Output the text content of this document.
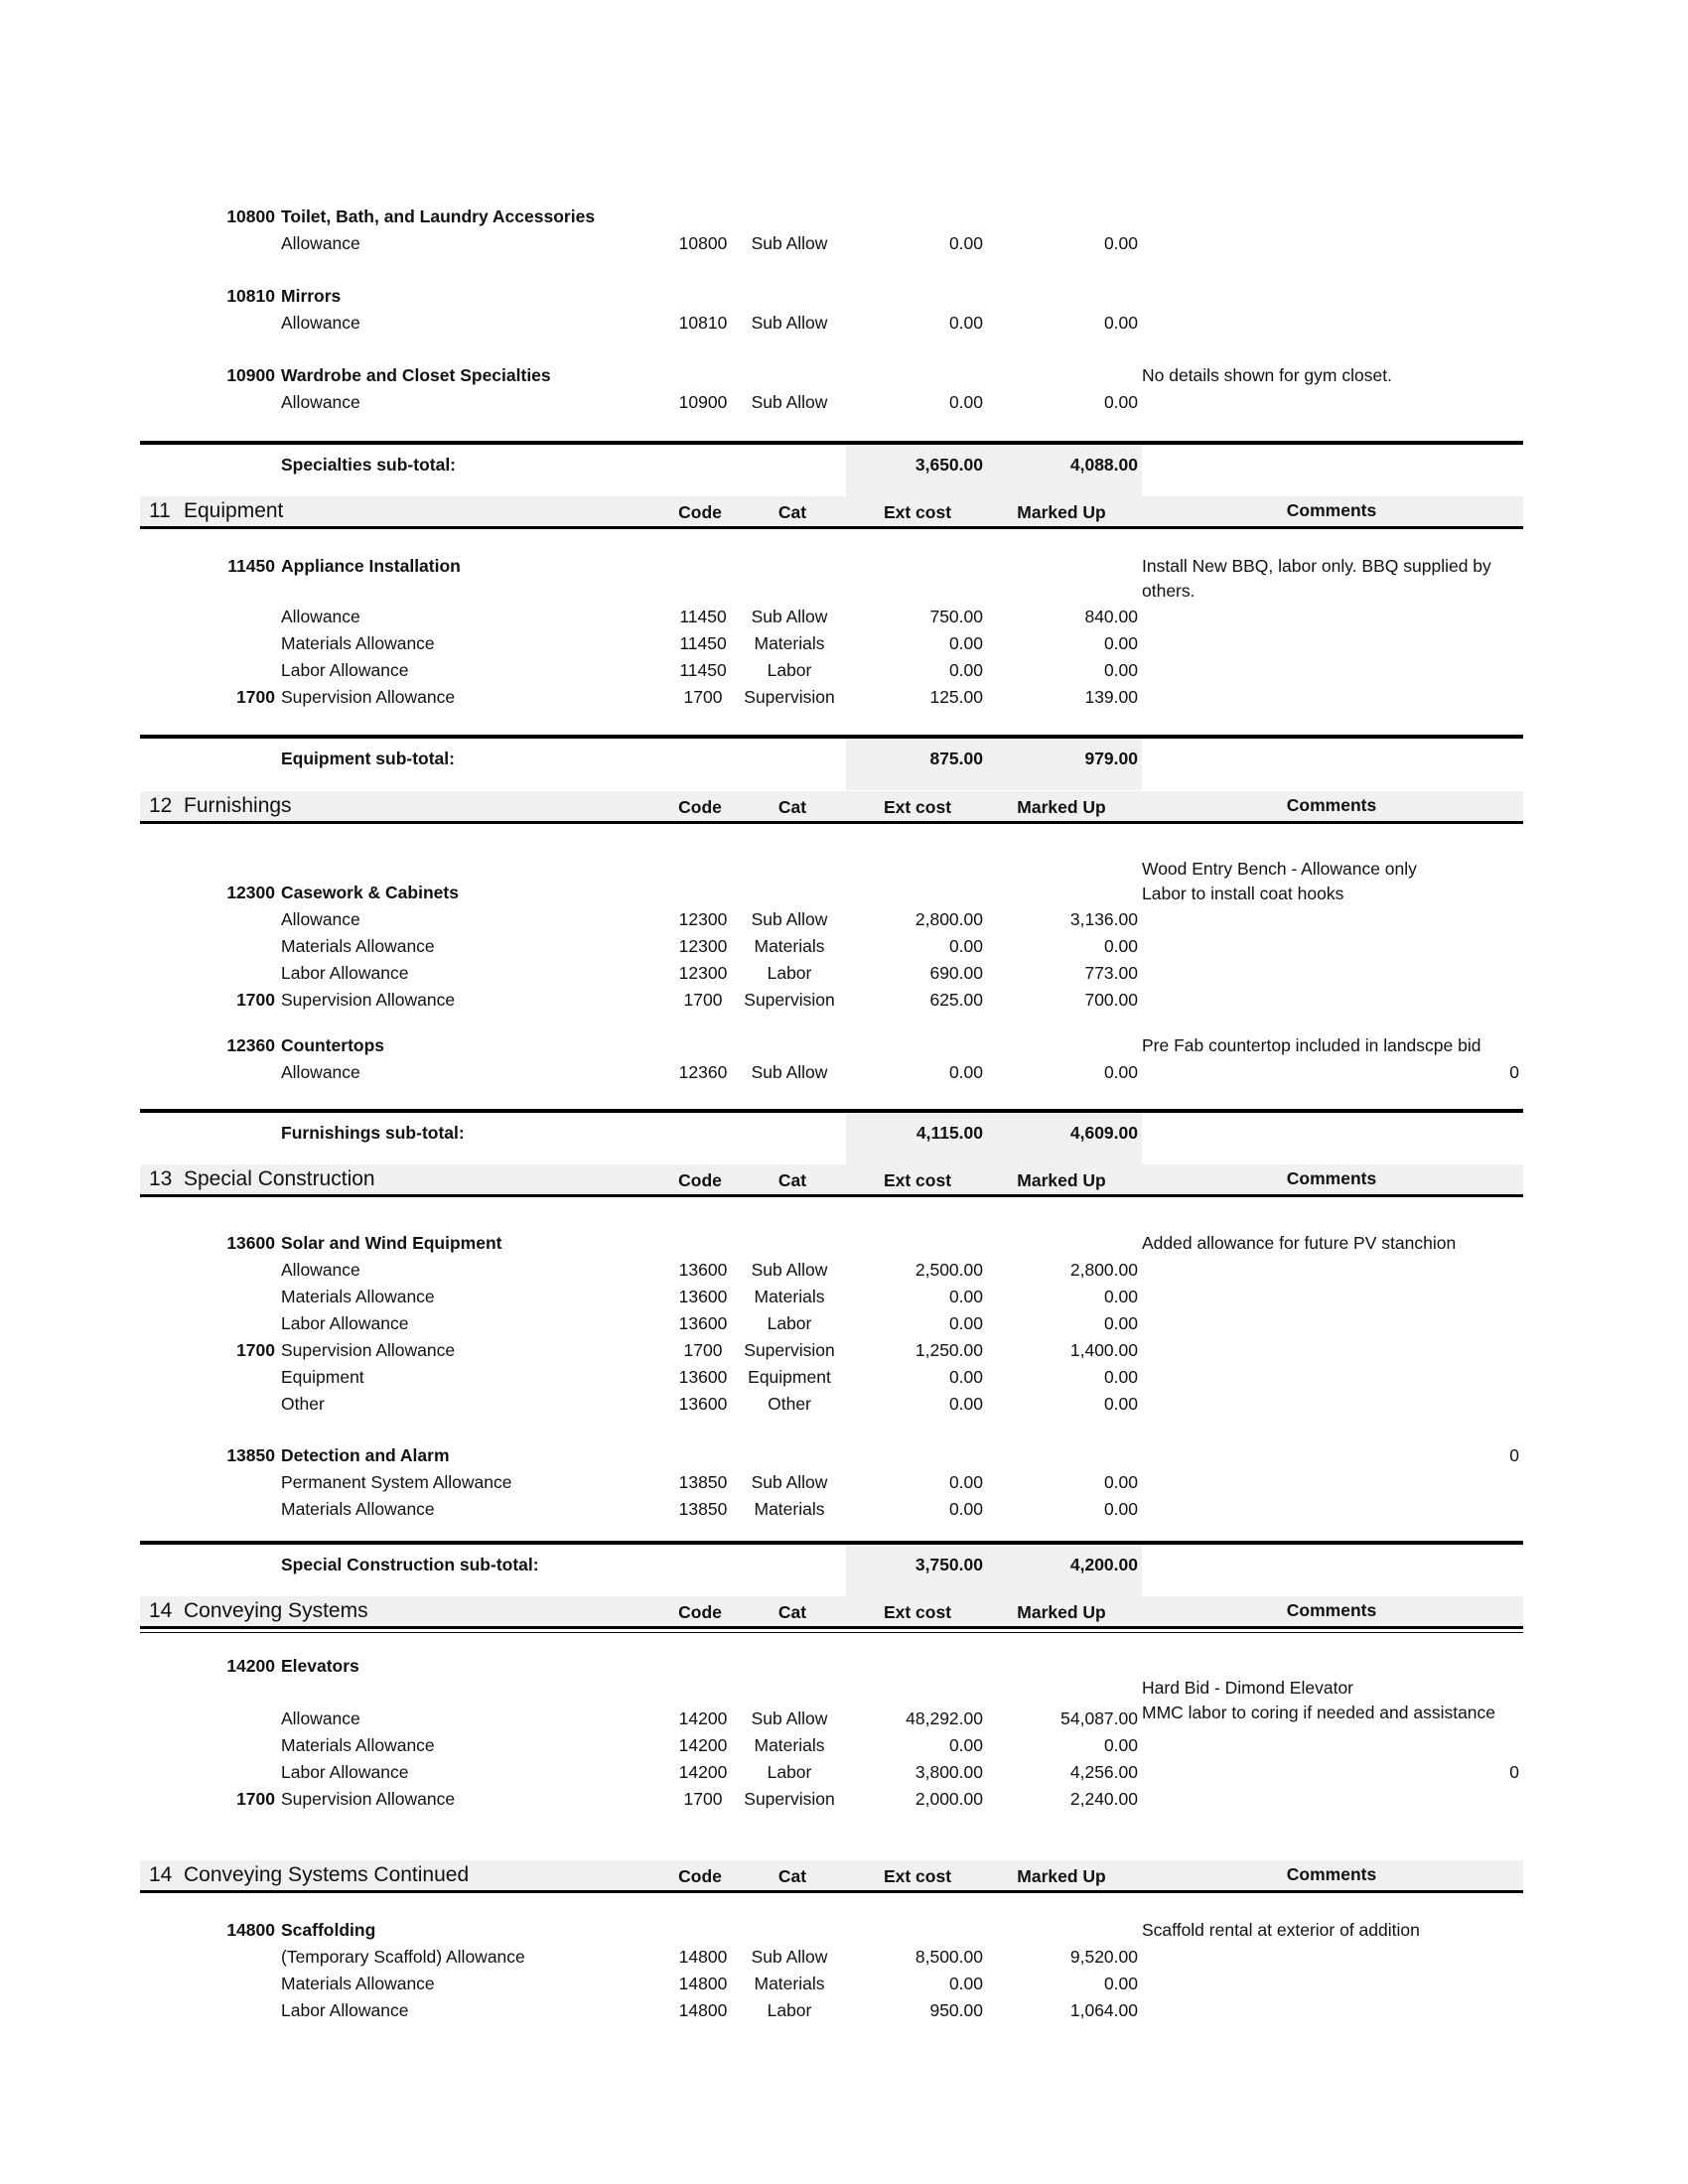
10800 Toilet, Bath, and Laundry Accessories
Allowance	10800	Sub Allow	0.00	0.00
10810 Mirrors
Allowance	10810	Sub Allow	0.00	0.00
No details shown for gym closet.
10900 Wardrobe and Closet Specialties
Allowance	10900	Sub Allow	0.00	0.00
Specialties sub-total:	3,650.00	4,088.00
11 Equipment	Code	Cat	Ext cost	Marked Up	Comments
Install New BBQ, labor only. BBQ supplied by others.
11450 Appliance Installation
Allowance	11450	Sub Allow	750.00	840.00
Materials Allowance	11450	Materials	0.00	0.00
Labor Allowance	11450	Labor	0.00	0.00
1700 Supervision Allowance	1700	Supervision	125.00	139.00
Equipment sub-total:	875.00	979.00
12 Furnishings	Code	Cat	Ext cost	Marked Up	Comments
Wood Entry Bench - Allowance only
Labor to install coat hooks
12300 Casework & Cabinets
Allowance	12300	Sub Allow	2,800.00	3,136.00
Materials Allowance	12300	Materials	0.00	0.00
Labor Allowance	12300	Labor	690.00	773.00
1700 Supervision Allowance	1700	Supervision	625.00	700.00
Pre Fab countertop included in landscpe bid
12360 Countertops
Allowance	12360	Sub Allow	0.00	0.00	0
Furnishings sub-total:	4,115.00	4,609.00
13 Special Construction	Code	Cat	Ext cost	Marked Up	Comments
Added allowance for future PV stanchion
13600 Solar and Wind Equipment
Allowance	13600	Sub Allow	2,500.00	2,800.00
Materials Allowance	13600	Materials	0.00	0.00
Labor Allowance	13600	Labor	0.00	0.00
1700 Supervision Allowance	1700	Supervision	1,250.00	1,400.00
Equipment	13600	Equipment	0.00	0.00
Other	13600	Other	0.00	0.00
13850 Detection and Alarm	0
Permanent System Allowance	13850	Sub Allow	0.00	0.00
Materials Allowance	13850	Materials	0.00	0.00
Special Construction sub-total:	3,750.00	4,200.00
14 Conveying Systems	Code	Cat	Ext cost	Marked Up	Comments
Hard Bid - Dimond Elevator
MMC labor to coring if needed and assistance
14200 Elevators
Allowance	14200	Sub Allow	48,292.00	54,087.00
Materials Allowance	14200	Materials	0.00	0.00
Labor Allowance	14200	Labor	3,800.00	4,256.00	0
1700 Supervision Allowance	1700	Supervision	2,000.00	2,240.00
14 Conveying Systems Continued	Code	Cat	Ext cost	Marked Up	Comments
Scaffold rental at exterior of addition
14800 Scaffolding
(Temporary Scaffold) Allowance	14800	Sub Allow	8,500.00	9,520.00
Materials Allowance	14800	Materials	0.00	0.00
Labor Allowance	14800	Labor	950.00	1,064.00
